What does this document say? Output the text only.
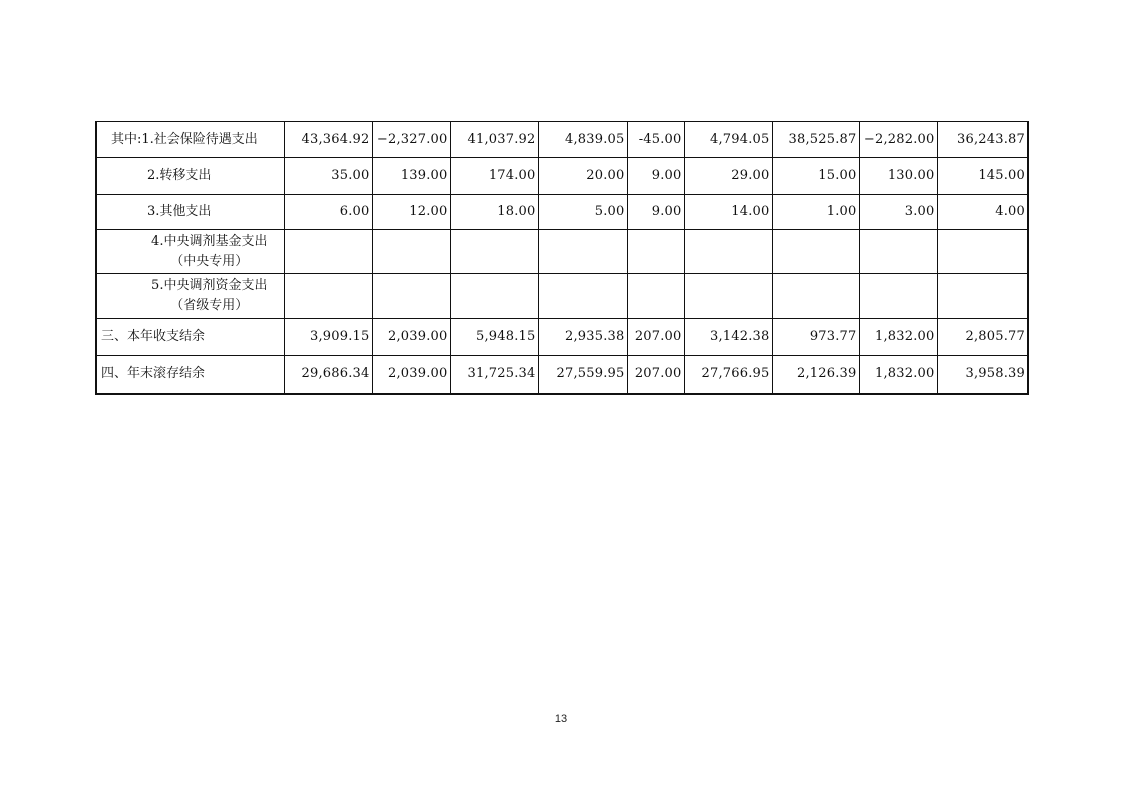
其中:1.社会保险待遇支出	43,364.92	−2,327.00	41,037.92	4,839.05	-45.00	4,794.05	38,525.87	−2,282.00	36,243.87
2.转移支出	35.00	139.00	174.00	20.00	9.00	29.00	15.00	130.00	145.00
3.其他支出	6.00	12.00	18.00	5.00	9.00	14.00	1.00	3.00	4.00

4.中央调剂基金支出
（中央专用）									

5.中央调剂资金支出
（省级专用）									

三、本年收支结余	3,909.15	2,039.00	5,948.15	2,935.38	207.00	3,142.38	973.77	1,832.00	2,805.77
四、年末滚存结余	29,686.34	2,039.00	31,725.34	27,559.95	207.00	27,766.95	2,126.39	1,832.00	3,958.39
13
